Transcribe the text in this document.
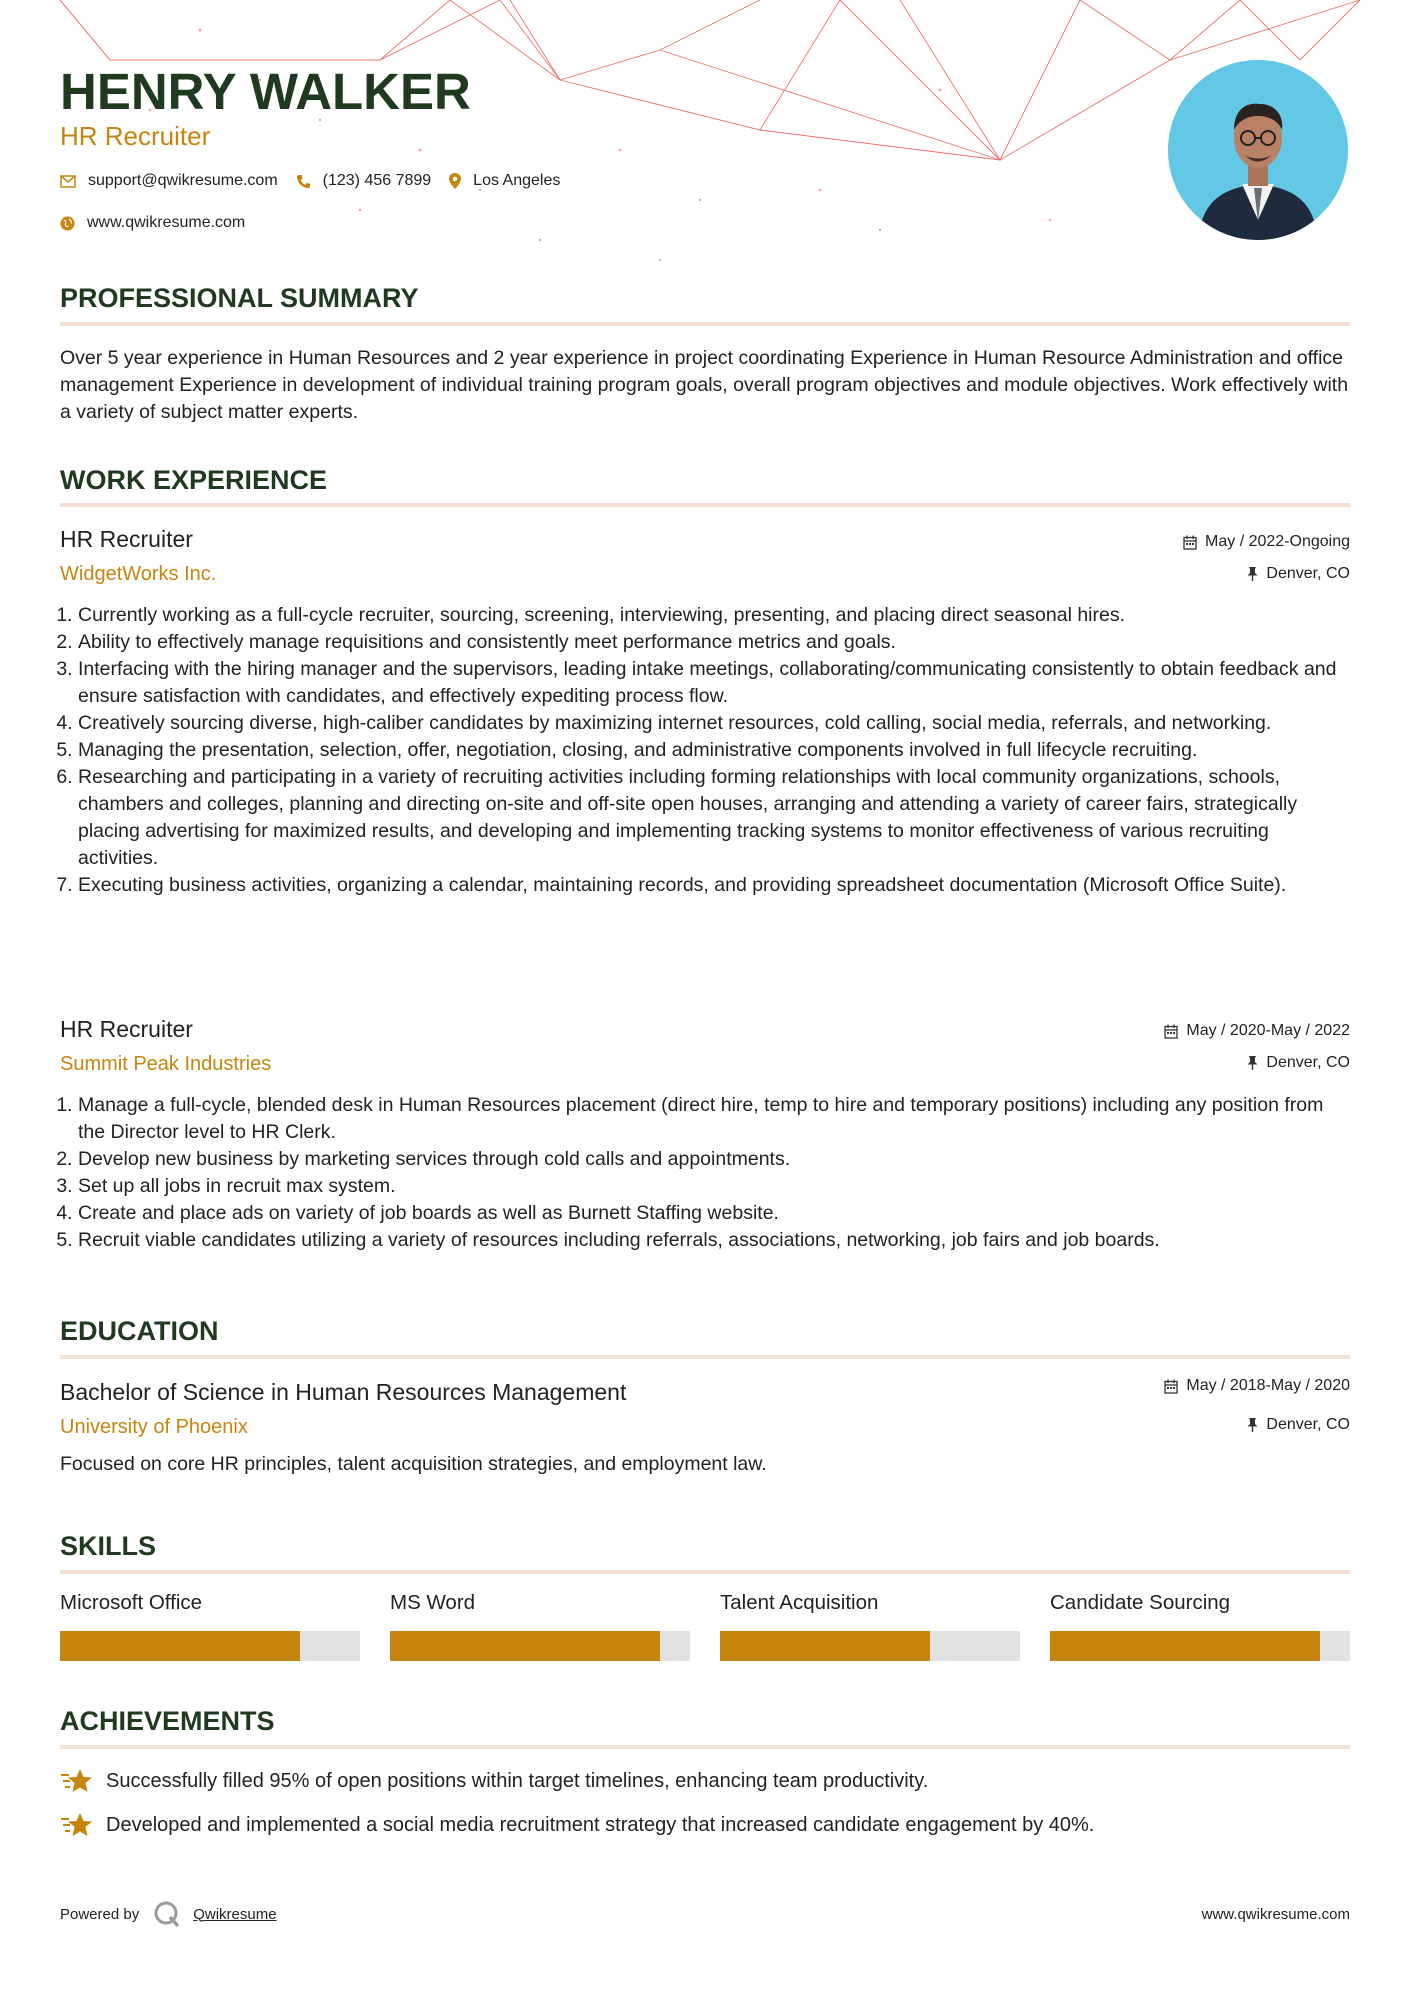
HENRY WALKER
HR Recruiter
support@qwikresume.com	(123) 456 7899	Los Angeles
www.qwikresume.com
PROFESSIONAL SUMMARY
Over 5 year experience in Human Resources and 2 year experience in project coordinating Experience in Human Resource Administration and office management Experience in development of individual training program goals, overall program objectives and module objectives. Work effectively with a variety of subject matter experts.
WORK EXPERIENCE
HR Recruiter
WidgetWorks Inc.
May / 2022-Ongoing
Denver, CO
1. Currently working as a full-cycle recruiter, sourcing, screening, interviewing, presenting, and placing direct seasonal hires.
2. Ability to effectively manage requisitions and consistently meet performance metrics and goals.
3. Interfacing with the hiring manager and the supervisors, leading intake meetings, collaborating/communicating consistently to obtain feedback and ensure satisfaction with candidates, and effectively expediting process flow.
4. Creatively sourcing diverse, high-caliber candidates by maximizing internet resources, cold calling, social media, referrals, and networking.
5. Managing the presentation, selection, offer, negotiation, closing, and administrative components involved in full lifecycle recruiting.
6. Researching and participating in a variety of recruiting activities including forming relationships with local community organizations, schools, chambers and colleges, planning and directing on-site and off-site open houses, arranging and attending a variety of career fairs, strategically placing advertising for maximized results, and developing and implementing tracking systems to monitor effectiveness of various recruiting activities.
7. Executing business activities, organizing a calendar, maintaining records, and providing spreadsheet documentation (Microsoft Office Suite).
HR Recruiter
Summit Peak Industries
May / 2020-May / 2022
Denver, CO
1. Manage a full-cycle, blended desk in Human Resources placement (direct hire, temp to hire and temporary positions) including any position from the Director level to HR Clerk.
2. Develop new business by marketing services through cold calls and appointments.
3. Set up all jobs in recruit max system.
4. Create and place ads on variety of job boards as well as Burnett Staffing website.
5. Recruit viable candidates utilizing a variety of resources including referrals, associations, networking, job fairs and job boards.
EDUCATION
Bachelor of Science in Human Resources Management
University of Phoenix
May / 2018-May / 2020
Denver, CO
Focused on core HR principles, talent acquisition strategies, and employment law.
SKILLS
Microsoft Office	MS Word	Talent Acquisition	Candidate Sourcing
ACHIEVEMENTS
Successfully filled 95% of open positions within target timelines, enhancing team productivity.
Developed and implemented a social media recruitment strategy that increased candidate engagement by 40%.
Powered by	Qwikresume	www.qwikresume.com
